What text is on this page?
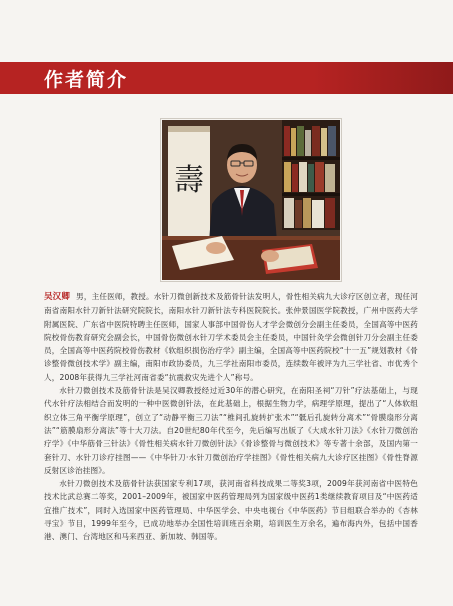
作者简介
壽

吴汉卿 男，主任医师，教授。水针刀微创新技术及筋骨针法发明人，骨性相关病九大诊疗区创立者，现任河南省南阳水针刀新针法研究院院长，南阳水针刀新针法专科医院院长。张仲景国医学院教授，广州中医药大学附属医院、广东省中医院特聘主任医师，国家人事部中国骨伤人才学会微创分会副主任委员，全国高等中医药院校骨伤教育研究会副会长，中国骨伤微创水针刀学术委员会主任委员，中国针灸学会微创针刀分会副主任委员，全国高等中医药院校骨伤教材《软组织损伤治疗学》副主编，全国高等中医药院校“十一五”规划教材《骨诊整骨微创技术学》副主编，南阳市政协委员，九三学社南阳市委员，连续数年被评为九三学社省、市优秀个人，2008年获得九三学社河南省委“抗震救灾先进个人”称号。

水针刀微创技术及筋骨针法是吴汉卿教授经过近30年的潜心研究，在南阳圣祠“刀针”疗法基础上，与现代水针疗法相结合而发明的一种中医微创针法，在此基础上，根据生物力学，病理学原理，提出了“人体软组织立体三角平衡学原理”，创立了“动静平衡三刀法”“椎间孔旋转扩张术”“骶后孔旋转分离术”“骨膜扇形分离法”“筋膜扇形分离法”等十大刀法。自20世纪80年代至今，先后编写出版了《大成水针刀法》《水针刀微创治疗学》《中华筋骨三针法》《骨性相关病水针刀微创针法》《骨诊整骨与微创技术》等专著十余部，及国内第一套针刀、水针刀诊疗挂图——《中华针刀·水针刀微创治疗学挂图》《骨性相关病九大诊疗区挂图》《骨性脊源反射区诊治挂图》。

水针刀微创技术及筋骨针法获国家专利17项，获河南省科技成果二等奖3项，2009年获河南省中医特色技术比武总赛二等奖，2001–2009年，被国家中医药管理局列为国家级中医药1类继续教育项目及“中医药适宜推广技术”，同时入选国家中医药管理局、中华医学会、中央电视台《中华医药》节目组联合举办的《杏林寻宝》节目，1999年至今，已成功地举办全国性培训班百余期，培训医生万余名，遍布海内外，包括中国香港、澳门、台湾地区和马来西亚、新加坡、韩国等。
